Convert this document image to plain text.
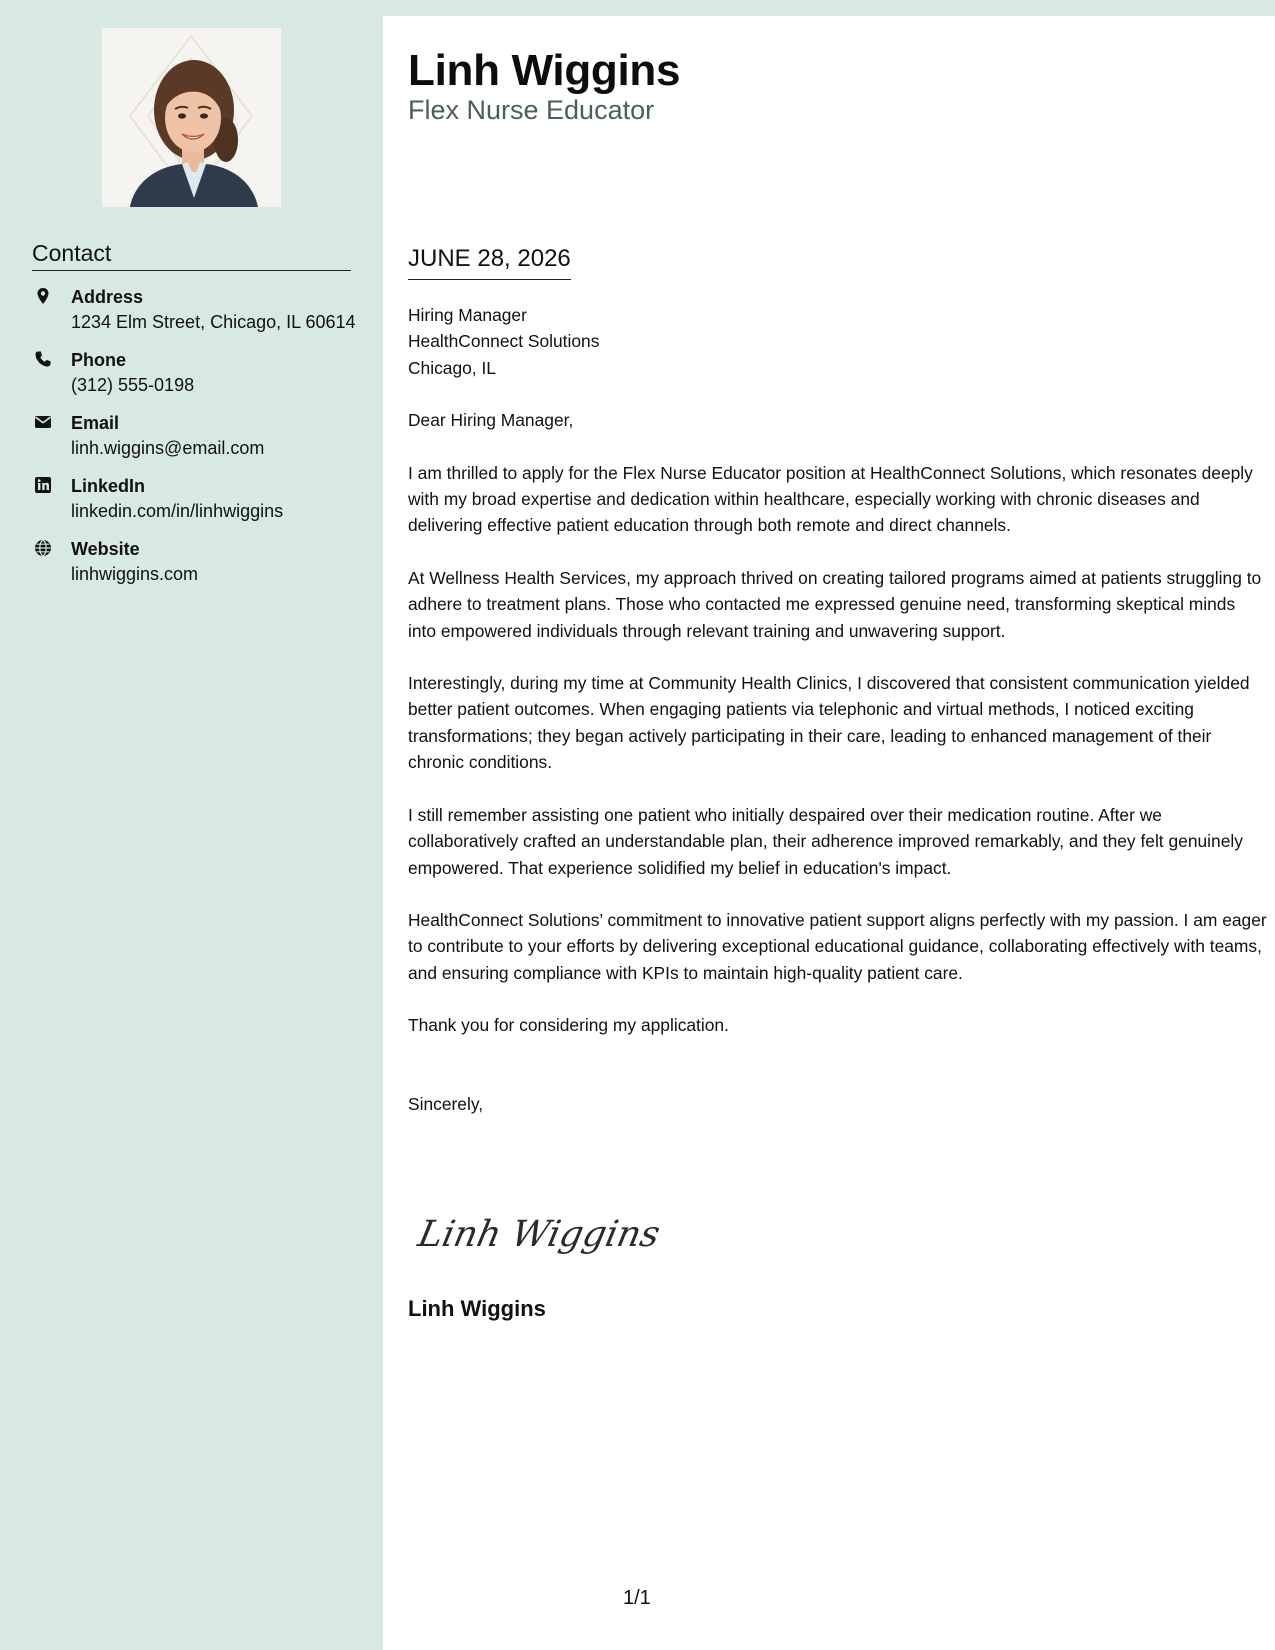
Contact
Address
1234 Elm Street, Chicago, IL 60614
Phone
(312) 555-0198
Email
linh.wiggins@email.com
LinkedIn
linkedin.com/in/linhwiggins
Website
linhwiggins.com
Linh Wiggins
Flex Nurse Educator
JUNE 28, 2026

Hiring Manager
HealthConnect Solutions
Chicago, IL

Dear Hiring Manager,

I am thrilled to apply for the Flex Nurse Educator position at HealthConnect Solutions, which resonates deeply with my broad expertise and dedication within healthcare, especially working with chronic diseases and delivering effective patient education through both remote and direct channels.

At Wellness Health Services, my approach thrived on creating tailored programs aimed at patients struggling to adhere to treatment plans. Those who contacted me expressed genuine need, transforming skeptical minds into empowered individuals through relevant training and unwavering support.

Interestingly, during my time at Community Health Clinics, I discovered that consistent communication yielded better patient outcomes. When engaging patients via telephonic and virtual methods, I noticed exciting transformations; they began actively participating in their care, leading to enhanced management of their chronic conditions.

I still remember assisting one patient who initially despaired over their medication routine. After we collaboratively crafted an understandable plan, their adherence improved remarkably, and they felt genuinely empowered. That experience solidified my belief in education's impact.

HealthConnect Solutions’ commitment to innovative patient support aligns perfectly with my passion. I am eager to contribute to your efforts by delivering exceptional educational guidance, collaborating effectively with teams, and ensuring compliance with KPIs to maintain high-quality patient care.

Thank you for considering my application.

Sincerely,

Linh Wiggins
Linh Wiggins
1/1
